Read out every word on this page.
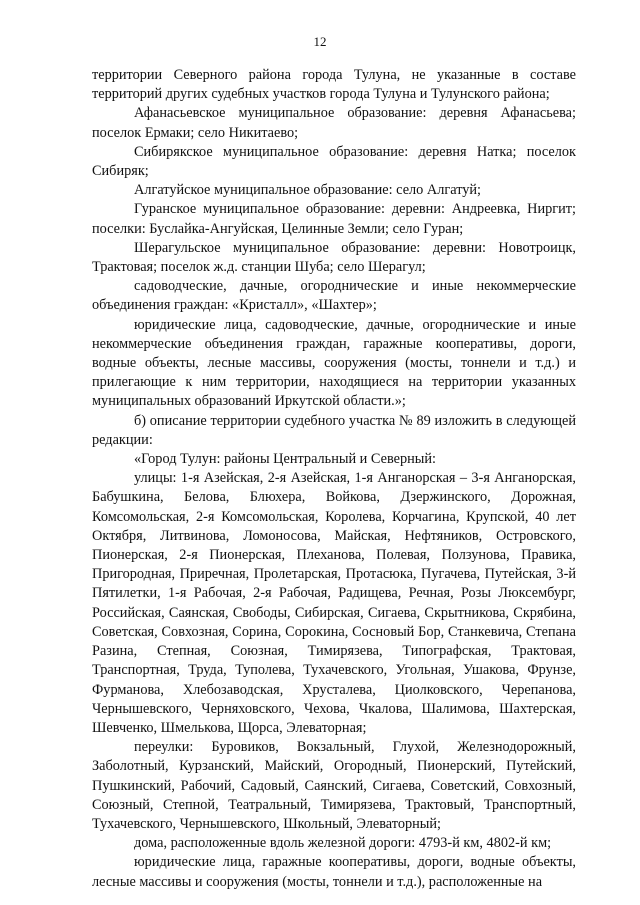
12

территории Северного района города Тулуна, не указанные в составе территорий других судебных участков города Тулуна и Тулунского района;

Афанасьевское муниципальное образование: деревня Афанасьева; поселок Ермаки; село Никитаево;

Сибирякское муниципальное образование: деревня Натка; поселок Сибиряк;

Алгатуйское муниципальное образование: село Алгатуй;

Гуранское муниципальное образование: деревни: Андреевка, Ниргит; поселки: Буслайка-Ангуйская, Целинные Земли; село Гуран;

Шерагульское муниципальное образование: деревни: Новотроицк, Трактовая; поселок ж.д. станции Шуба; село Шерагул;

садоводческие, дачные, огороднические и иные некоммерческие объединения граждан: «Кристалл», «Шахтер»;

юридические лица, садоводческие, дачные, огороднические и иные некоммерческие объединения граждан, гаражные кооперативы, дороги, водные объекты, лесные массивы, сооружения (мосты, тоннели и т.д.) и прилегающие к ним территории, находящиеся на территории указанных муниципальных образований Иркутской области.»;

б) описание территории судебного участка № 89 изложить в следующей редакции:

«Город Тулун: районы Центральный и Северный:

улицы: 1-я Азейская, 2-я Азейская, 1-я Анганорская – 3-я Анганорская, Бабушкина, Белова, Блюхера, Войкова, Дзержинского, Дорожная, Комсомольская, 2-я Комсомольская, Королева, Корчагина, Крупской, 40 лет Октября, Литвинова, Ломоносова, Майская, Нефтяников, Островского, Пионерская, 2-я Пионерская, Плеханова, Полевая, Ползунова, Правика, Пригородная, Приречная, Пролетарская, Протасюка, Пугачева, Путейская, 3-й Пятилетки, 1-я Рабочая, 2-я Рабочая, Радищева, Речная, Розы Люксембург, Российская, Саянская, Свободы, Сибирская, Сигаева, Скрытникова, Скрябина, Советская, Совхозная, Сорина, Сорокина, Сосновый Бор, Станкевича, Степана Разина, Степная, Союзная, Тимирязева, Типографская, Трактовая, Транспортная, Труда, Туполева, Тухачевского, Угольная, Ушакова, Фрунзе, Фурманова, Хлебозаводская, Хрусталева, Циолковского, Черепанова, Чернышевского, Черняховского, Чехова, Чкалова, Шалимова, Шахтерская, Шевченко, Шмелькова, Щорса, Элеваторная;

переулки: Буровиков, Вокзальный, Глухой, Железнодорожный, Заболотный, Курзанский, Майский, Огородный, Пионерский, Путейский, Пушкинский, Рабочий, Садовый, Саянский, Сигаева, Советский, Совхозный, Союзный, Степной, Театральный, Тимирязева, Трактовый, Транспортный, Тухачевского, Чернышевского, Школьный, Элеваторный;

дома, расположенные вдоль железной дороги: 4793-й км, 4802-й км;

юридические лица, гаражные кооперативы, дороги, водные объекты, лесные массивы и сооружения (мосты, тоннели и т.д.), расположенные на
